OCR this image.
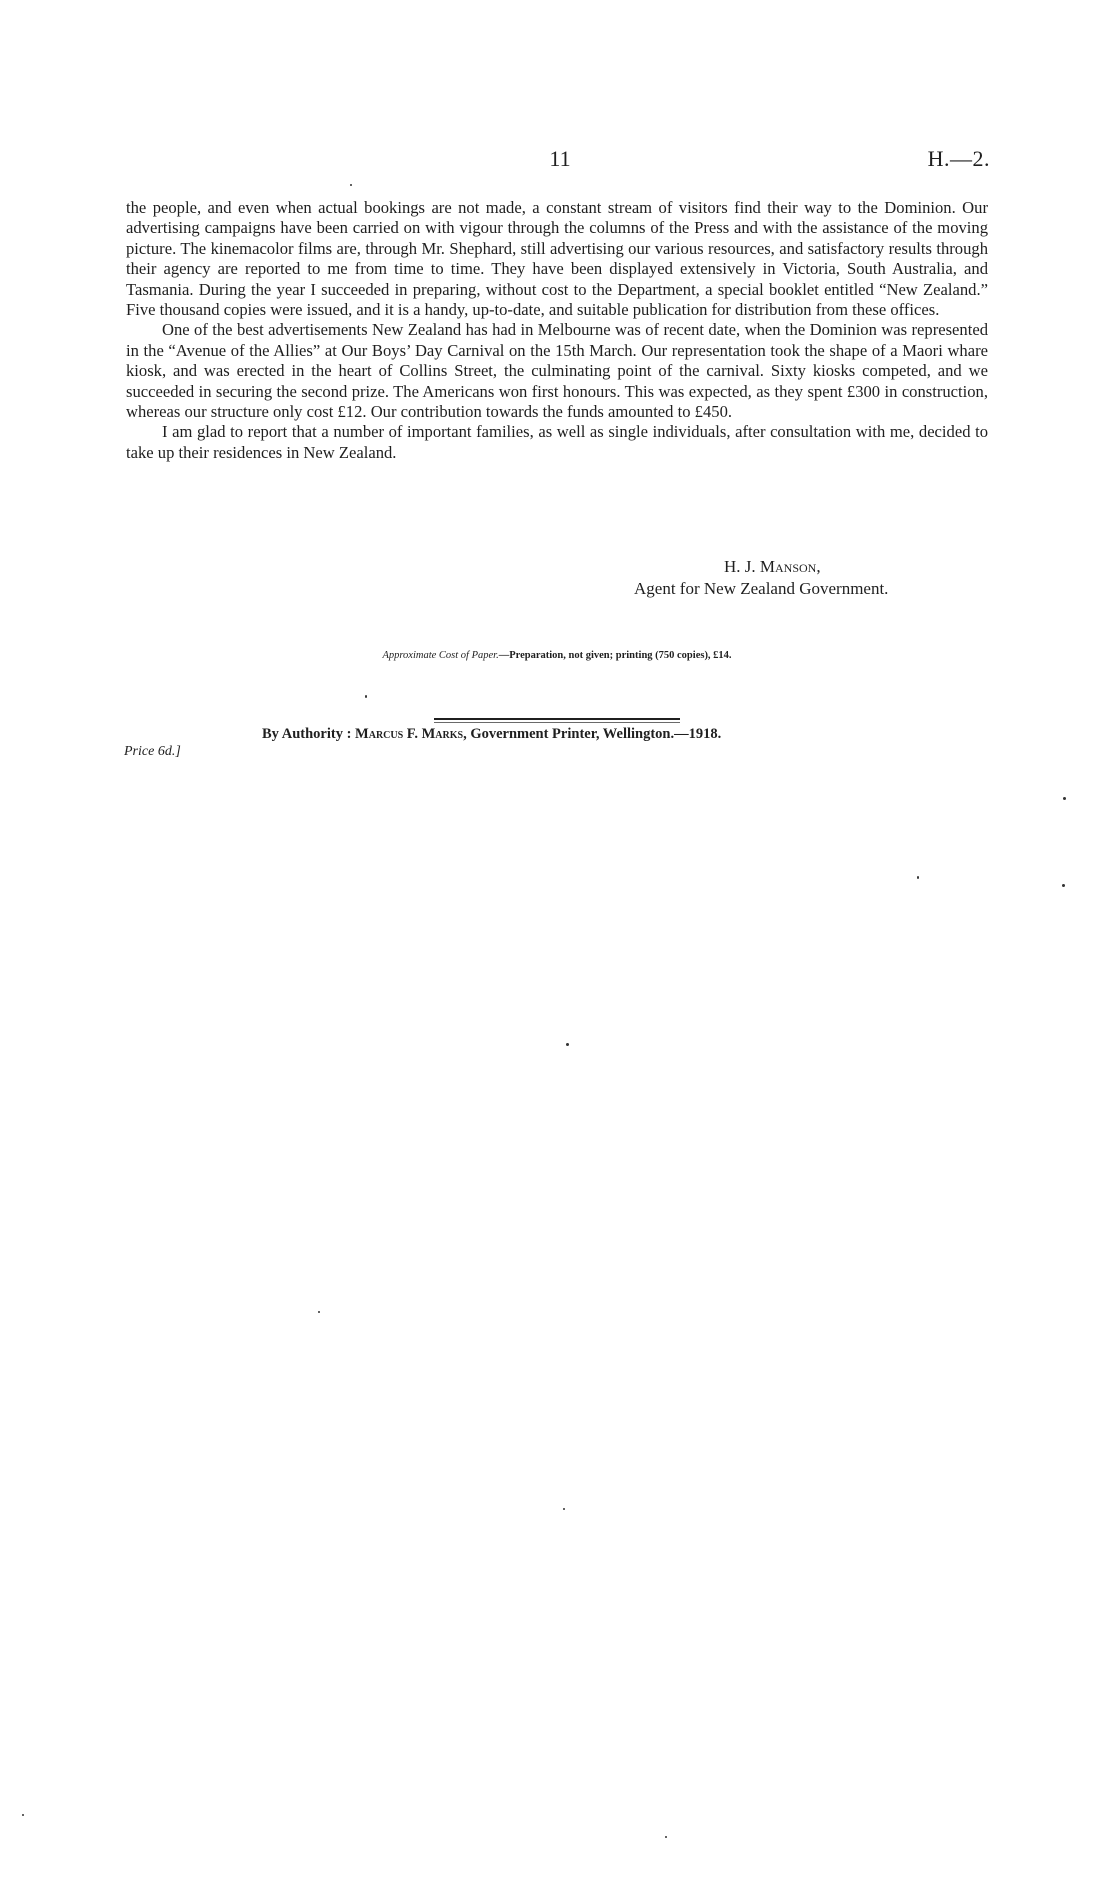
11	H.—2.

the people, and even when actual bookings are not made, a constant stream of visitors find their way to the Dominion. Our advertising campaigns have been carried on with vigour through the columns of the Press and with the assistance of the moving picture. The kinemacolor films are, through Mr. Shephard, still advertising our various resources, and satisfactory results through their agency are reported to me from time to time. They have been displayed extensively in Victoria, South Australia, and Tasmania. During the year I succeeded in preparing, without cost to the Department, a special booklet entitled “New Zealand.” Five thousand copies were issued, and it is a handy, up-to-date, and suitable publication for distribution from these offices.

One of the best advertisements New Zealand has had in Melbourne was of recent date, when the Dominion was represented in the “Avenue of the Allies” at Our Boys’ Day Carnival on the 15th March. Our representation took the shape of a Maori whare kiosk, and was erected in the heart of Collins Street, the culminating point of the carnival. Sixty kiosks competed, and we succeeded in securing the second prize. The Americans won first honours. This was expected, as they spent £300 in construction, whereas our structure only cost £12. Our contribution towards the funds amounted to £450.

I am glad to report that a number of important families, as well as single individuals, after consultation with me, decided to take up their residences in New Zealand.

H. J. Manson,
Agent for New Zealand Government.
Approximate Cost of Paper.—Preparation, not given; printing (750 copies), £14.
By Authority : Marcus F. Marks, Government Printer, Wellington.—1918.
Price 6d.]
